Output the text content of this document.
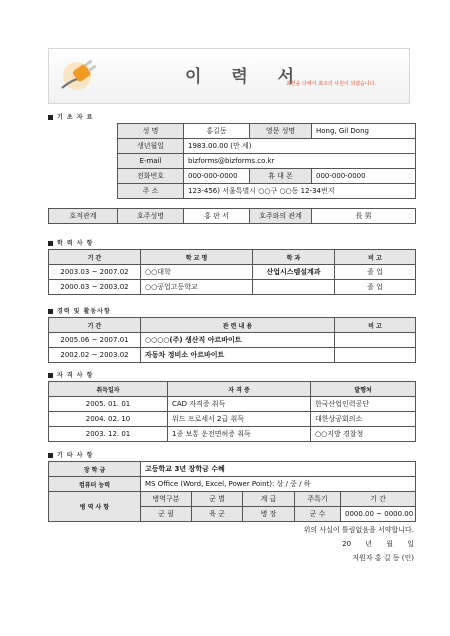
이 력 서
최선을 다해서 최고의 사원이 되겠습니다.
기 초 자 료
성 명	홍길동	영문 성명	Hong, Gil Dong
생년월일	1983.00.00 (만 세)		
E-mail	bizforms@bizforms.co.kr		
전화번호	000-000-0000	휴 대 폰	000-000-0000
주 소	123-456) 서울특별시 ○○구 ○○동 12-34번지		
호적관계	호주성명	홍 판 서	호주와의 관계	長 男
학 력 사 항
기 간	학 교 명	학 과	비 고
2003.03 ~ 2007.02	○○대학	산업시스템설계과	졸 업
2000.03 ~ 2003.02	○○공업고등학교		졸 업
경력 및 활동사항
기 간	관 련 내 용	비 고
2005.06 ~ 2007.01	○○○○(주) 생산직 아르바이트	
2002.02 ~ 2003.02	자동차 정비소 아르바이트	
자 격 사 항
취득일자	자 격 증	발행처
2005. 01. 01	CAD 자격증 취득	한국산업인력공단
2004. 02. 10	워드 프로세서 2급 취득	대한상공회의소
2003. 12. 01	1종 보통 운전면허증 취득	○○지방 경찰청
기 타 사 항
장 학 금	고등학교 3년 장학금 수혜				
컴퓨터 능력	MS Office (Word, Excel, Power Point): 상 / 중 / 하				
병 역 사 항	병역구분	군 별	계 급	주특기	기 간
	군 필	육 군	병 장	군 수	0000.00 ~ 0000.00
위의 사실이 틀림없음을 서약합니다.
20 년 월 일
지원자 홍 길 동 (인)
